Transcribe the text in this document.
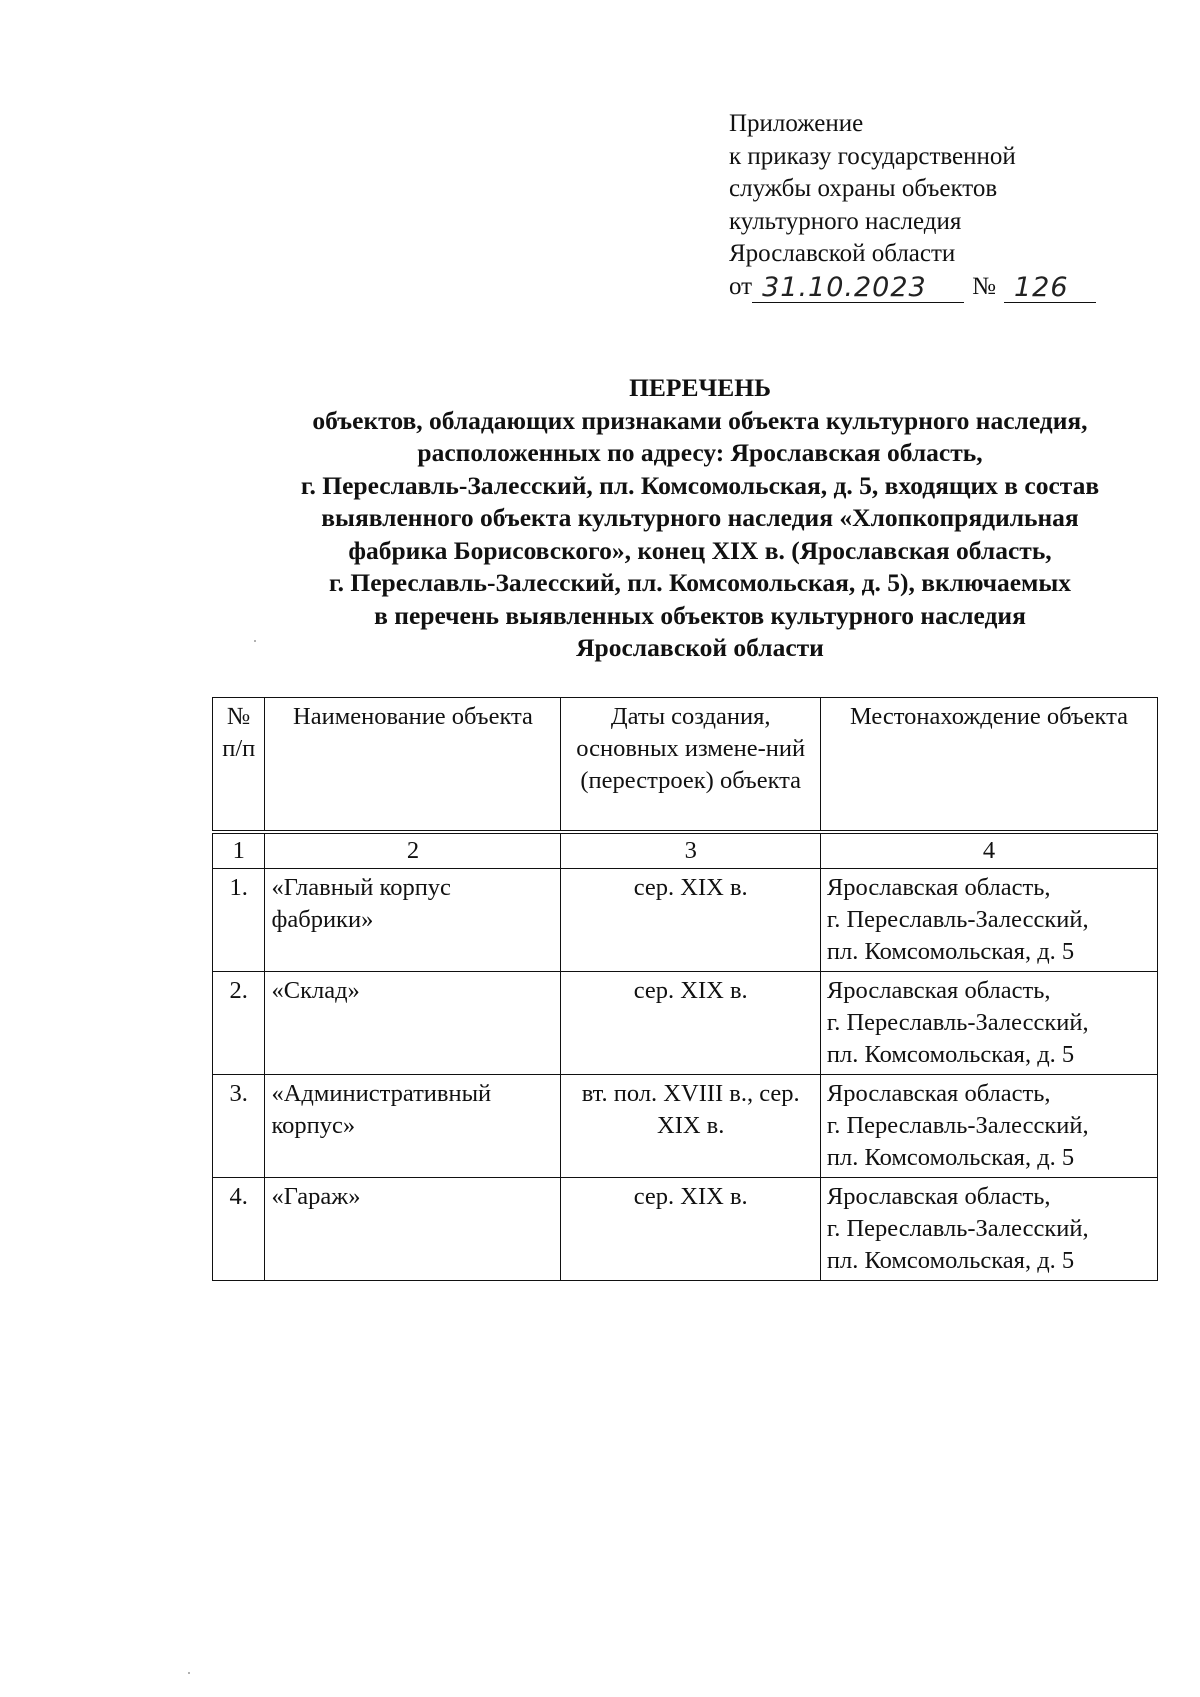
Приложение
к приказу государственной
службы охраны объектов
культурного наследия
Ярославской области
от 31.10.2023	№ 126
ПЕРЕЧЕНЬ
объектов, обладающих признаками объекта культурного наследия,
расположенных по адресу: Ярославская область,
г. Переславль-Залесский, пл. Комсомольская, д. 5, входящих в состав
выявленного объекта культурного наследия «Хлопкопрядильная
фабрика Борисовского», конец XIX в. (Ярославская область,
г. Переславль-Залесский, пл. Комсомольская, д. 5), включаемых
в перечень выявленных объектов культурного наследия
Ярославской области
№ п/п	Наименование объекта	Даты создания, основных измене-ний (перестроек) объекта	Местонахождение объекта
1	2	3	4
1.	«Главный корпус фабрики»	сер. XIX в.	Ярославская область,
г. Переславль-Залесский,
пл. Комсомольская, д. 5

2.	«Склад»	сер. XIX в.	Ярославская область,
г. Переславль-Залесский,
пл. Комсомольская, д. 5

3.	«Административный корпус»	вт. пол. XVIII в., сер. XIX в.	Ярославская область,
г. Переславль-Залесский,
пл. Комсомольская, д. 5

4.	«Гараж»	сер. XIX в.	Ярославская область,
г. Переславль-Залесский,
пл. Комсомольская, д. 5
